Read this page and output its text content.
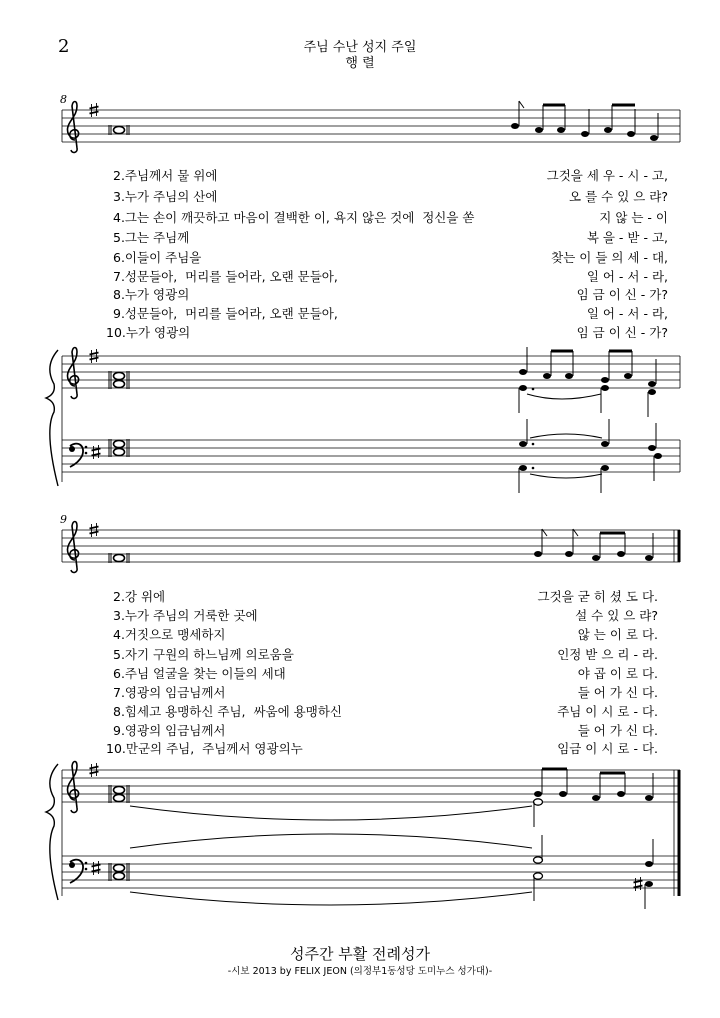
2	주님 수난 성지 주일
행 렬
8
9
2.주님께서 물 위에
3.누가 주님의 산에
4.그는 손이 깨끗하고 마음이 결백한 이, 욕지 않은 것에  정신을 쏟
5.그는 주님께
6.이들이 주님을
7.성문들아,  머리를 들어라, 오랜 문들아,
8.누가 영광의
9.성문들아,  머리를 들어라, 오랜 문들아,
10.누가 영광의
그것을 세 우 - 시 - 고,
오 를 수 있 으 랴?
지 않 는 - 이
복 을 - 받 - 고,
찾는 이 들 의 세 - 대,
일 어 - 서 - 라,
임 금 이 신 - 가?
일 어 - 서 - 라,
임 금 이 신 - 가?
2.강 위에
3.누가 주님의 거룩한 곳에
4.거짓으로 맹세하지
5.자기 구원의 하느님께 의로움을
6.주님 얼굴을 찾는 이들의 세대
7.영광의 임금님께서
8.힘세고 용맹하신 주님,  싸움에 용맹하신
9.영광의 임금님께서
10.만군의 주님,  주님께서 영광의누
그것을 굳 히 셨 도 다.
설 수 있 으 랴?
않 는 이 로 다.
인정 받 으 리 - 라.
야 곱 이 로 다.
들 어 가 신 다.
주님 이 시 로 - 다.
들 어 가 신 다.
임금 이 시 로 - 다.
성주간 부활 전례성가
-시보 2013 by FELIX JEON (의정부1동성당 도미누스 성가대)-
